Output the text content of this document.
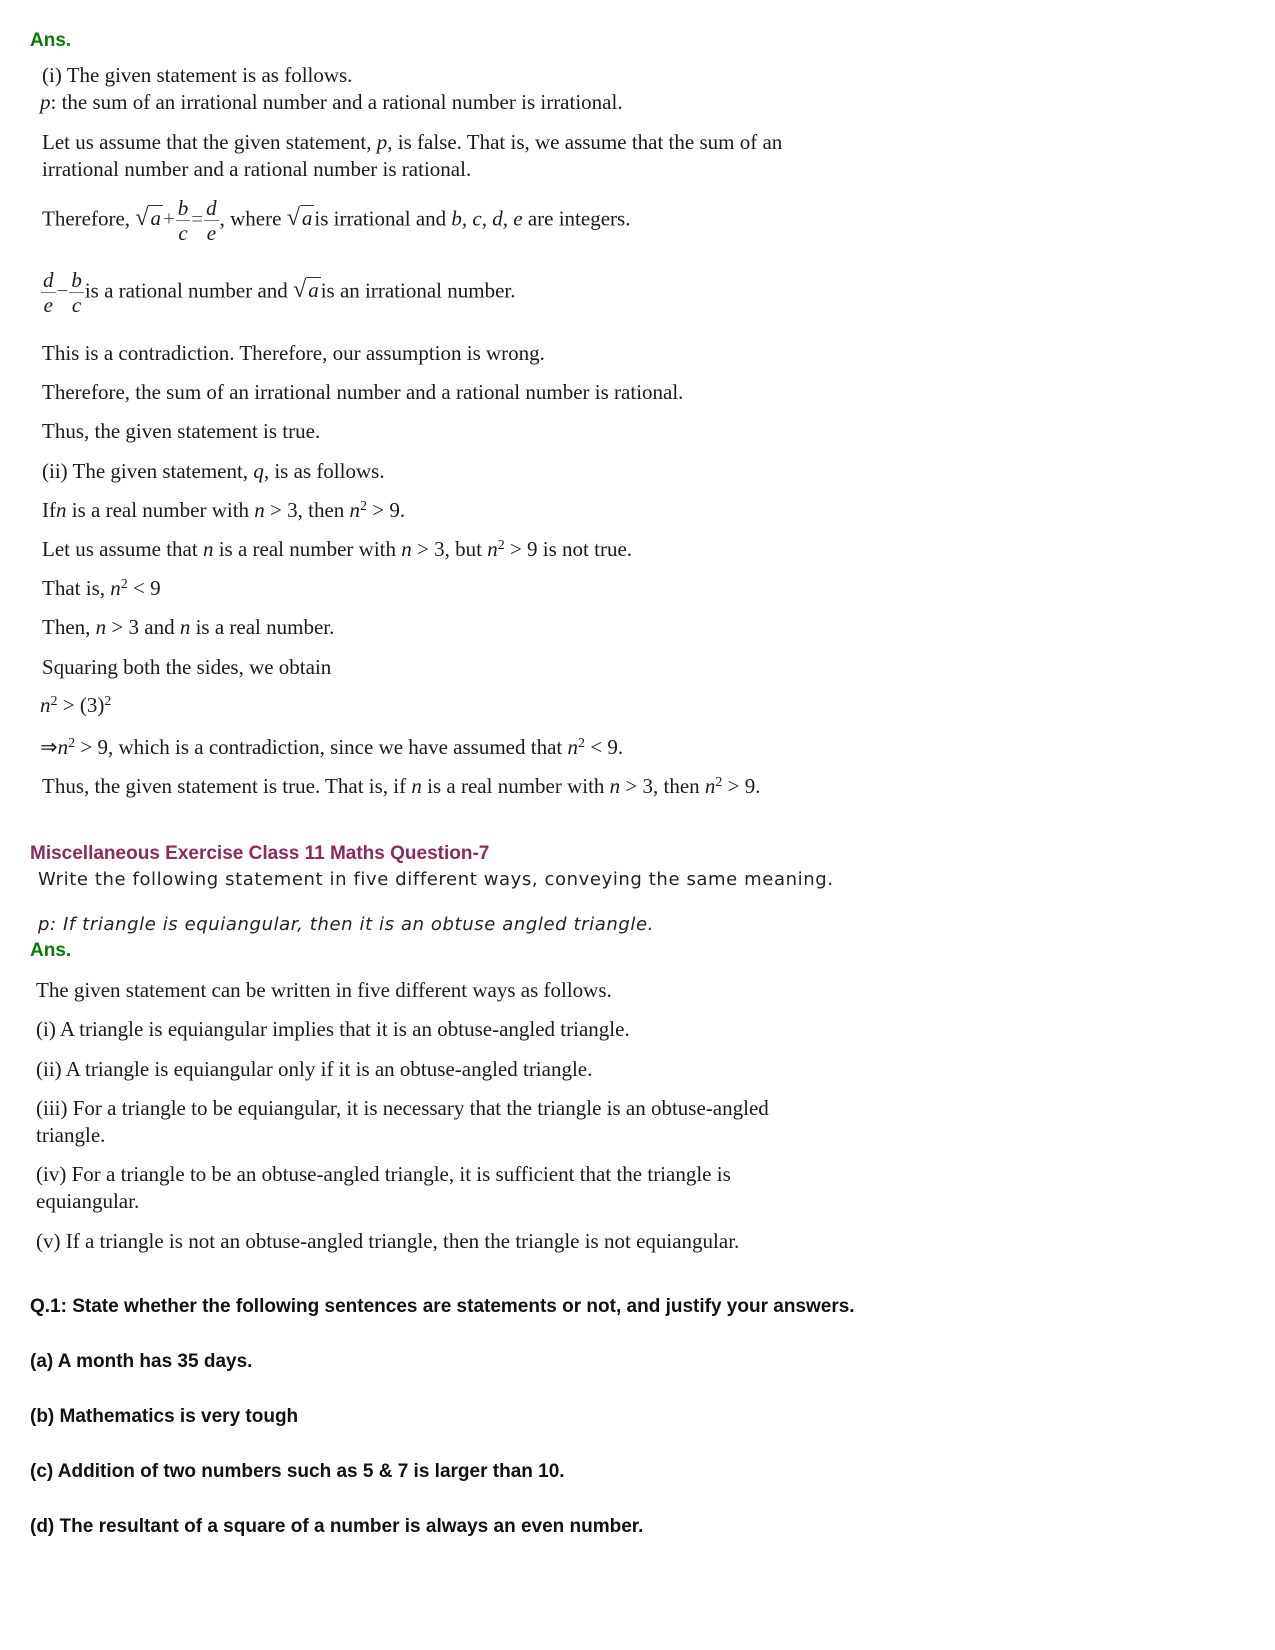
Ans.
(i) The given statement is as follows.
p: the sum of an irrational number and a rational number is irrational.
Let us assume that the given statement, p, is false. That is, we assume that the sum of an
irrational number and a rational number is rational.
Therefore, $√a+ \frac{b}{c} = \frac{d}{e}$ , where √ais irrational and b, c, d, e are integers.
$\frac{d}{e} - \frac{b}{c}$ is a rational number and √ais an irrational number.
This is a contradiction. Therefore, our assumption is wrong.
Therefore, the sum of an irrational number and a rational number is rational.
Thus, the given statement is true.
(ii) The given statement, q, is as follows.
Ifn is a real number with n > 3, then $n^2 > 9$.
Let us assume that n is a real number with n > 3, but $n^2 > 9$ is not true.
That is, $n^2 < 9$
Then, n > 3 and n is a real number.
Squaring both the sides, we obtain
$n^2 > (3)^2$
$\Rightarrow n^2 > 9$, which is a contradiction, since we have assumed that $n^2 < 9$.
Thus, the given statement is true. That is, if n is a real number with n > 3, then $n^2 > 9$.
Miscellaneous Exercise Class 11 Maths Question-7
Write the following statement in five different ways, conveying the same meaning.
p: If triangle is equiangular, then it is an obtuse angled triangle.
Ans.
The given statement can be written in five different ways as follows.
(i) A triangle is equiangular implies that it is an obtuse-angled triangle.
(ii) A triangle is equiangular only if it is an obtuse-angled triangle.
(iii) For a triangle to be equiangular, it is necessary that the triangle is an obtuse-angled
triangle.
(iv) For a triangle to be an obtuse-angled triangle, it is sufficient that the triangle is
equiangular.
(v) If a triangle is not an obtuse-angled triangle, then the triangle is not equiangular.
Q.1: State whether the following sentences are statements or not, and justify your answers.
(a) A month has 35 days.
(b) Mathematics is very tough
(c) Addition of two numbers such as 5 & 7 is larger than 10.
(d) The resultant of a square of a number is always an even number.
